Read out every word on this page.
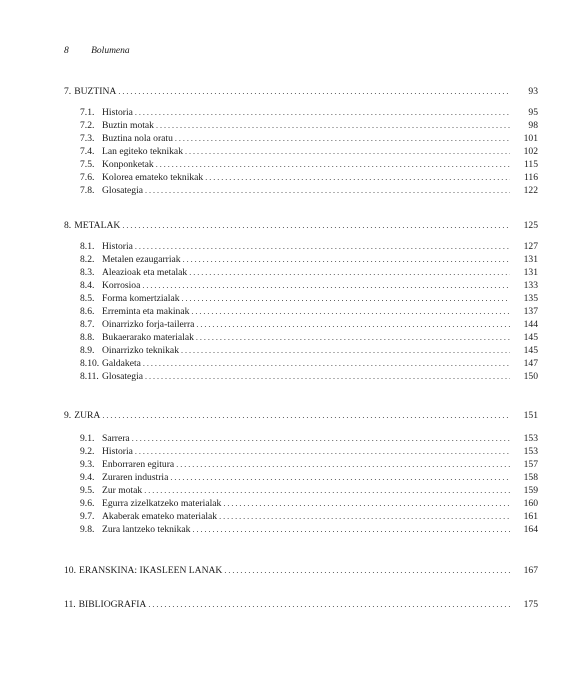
8 Bolumena
7. BUZTINA . . .	93
7.1. Historia . . .	95
7.2. Buztin motak . . .	98
7.3. Buztina nola oratu . . .	101
7.4. Lan egiteko teknikak . . .	102
7.5. Konponketak . . .	115
7.6. Kolorea emateko teknikak . . .	116
7.8. Glosategia . . .	122
8. METALAK . . .	125
8.1. Historia . . .	127
8.2. Metalen ezaugarriak . . .	131
8.3. Aleazioak eta metalak . . .	131
8.4. Korrosioa . . .	133
8.5. Forma komertzialak . . .	135
8.6. Erreminta eta makinak . . .	137
8.7. Oinarrizko forja-tailerra . . .	144
8.8. Bukaerarako materialak . . .	145
8.9. Oinarrizko teknikak . . .	145
8.10. Galdaketa . . .	147
8.11. Glosategia . . .	150
9. ZURA . . .	151
9.1. Sarrera . . .	153
9.2. Historia . . .	153
9.3. Enborraren egitura . . .	157
9.4. Zuraren industria . . .	158
9.5. Zur motak . . .	159
9.6. Egurra zizelkatzeko materialak . . .	160
9.7. Akaberak emateko materialak . . .	161
9.8. Zura lantzeko teknikak . . .	164
10. ERANSKINA: IKASLEEN LANAK . . .	167
11. BIBLIOGRAFIA . . .	175
